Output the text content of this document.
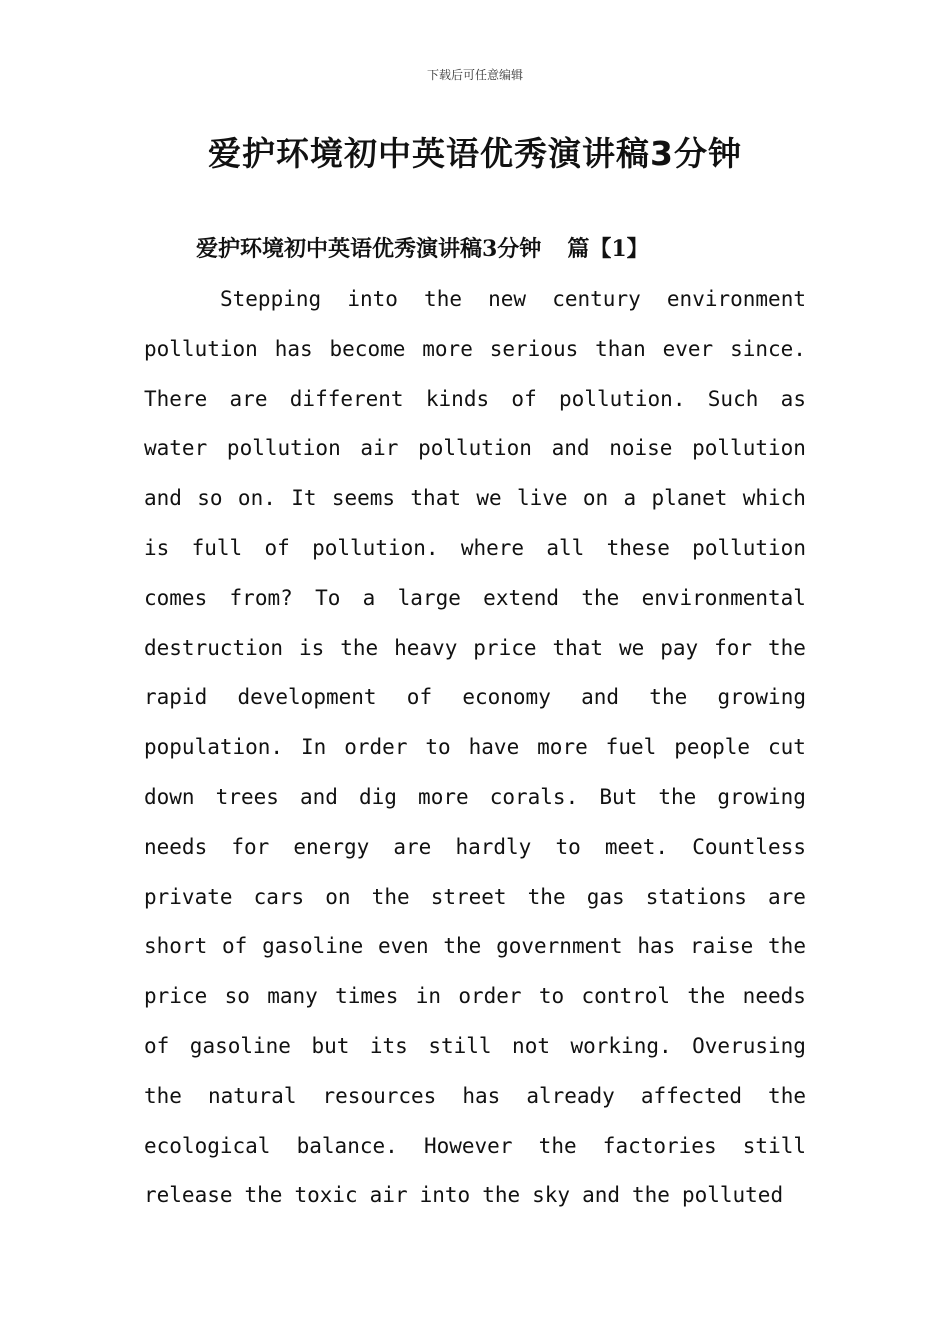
下载后可任意编辑
爱护环境初中英语优秀演讲稿3分钟
爱护环境初中英语优秀演讲稿3分钟 篇【1】
Stepping into the new century environment
pollution has become more serious than ever since.
There are different kinds of pollution. Such as
water pollution air pollution and noise pollution
and so on. It seems that we live on a planet which
is full of pollution. where all these pollution
comes from? To a large extend the environmental
destruction is the heavy price that we pay for the
rapid development of economy and the growing
population. In order to have more fuel people cut
down trees and dig more corals. But the growing
needs for energy are hardly to meet. Countless
private cars on the street the gas stations are
short of gasoline even the government has raise the
price so many times in order to control the needs
of gasoline but its still not working. Overusing
the natural resources has already affected the
ecological balance. However the factories still
release the toxic air into the sky and the polluted
